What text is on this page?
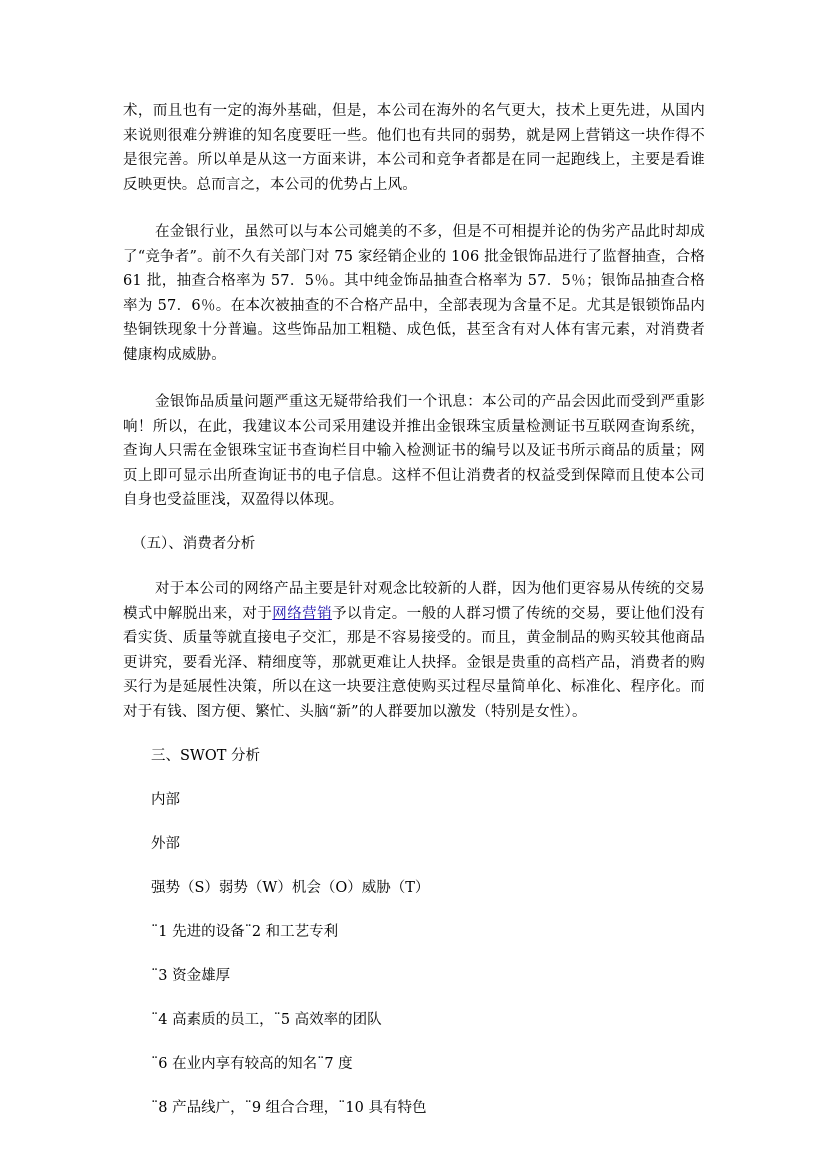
术，而且也有一定的海外基础，但是，本公司在海外的名气更大，技术上更先进，从国内来说则很难分辨谁的知名度要旺一些。他们也有共同的弱势，就是网上营销这一块作得不是很完善。所以单是从这一方面来讲，本公司和竞争者都是在同一起跑线上，主要是看谁反映更快。总而言之，本公司的优势占上风。

在金银行业，虽然可以与本公司媲美的不多，但是不可相提并论的伪劣产品此时却成了“竞争者”。前不久有关部门对 75 家经销企业的 106 批金银饰品进行了监督抽查，合格 61 批，抽查合格率为 57．5％。其中纯金饰品抽查合格率为 57．5％；银饰品抽查合格率为 57．6％。在本次被抽查的不合格产品中，全部表现为含量不足。尤其是银锁饰品内垫铜铁现象十分普遍。这些饰品加工粗糙、成色低，甚至含有对人体有害元素，对消费者健康构成威胁。

金银饰品质量问题严重这无疑带给我们一个讯息：本公司的产品会因此而受到严重影响！所以，在此，我建议本公司采用建设并推出金银珠宝质量检测证书互联网查询系统，查询人只需在金银珠宝证书查询栏目中输入检测证书的编号以及证书所示商品的质量；网页上即可显示出所查询证书的电子信息。这样不但让消费者的权益受到保障而且使本公司自身也受益匪浅，双盈得以体现。

（五）、消费者分析

对于本公司的网络产品主要是针对观念比较新的人群，因为他们更容易从传统的交易模式中解脱出来，对于网络营销予以肯定。一般的人群习惯了传统的交易，要让他们没有看实货、质量等就直接电子交汇，那是不容易接受的。而且，黄金制品的购买较其他商品更讲究，要看光泽、精细度等，那就更难让人抉择。金银是贵重的高档产品，消费者的购买行为是延展性决策，所以在这一块要注意使购买过程尽量简单化、标准化、程序化。而对于有钱、图方便、繁忙、头脑“新”的人群要加以激发（特别是女性）。

三、SWOT 分析
内部
外部
强势（S）弱势（W）机会（O）威胁（T）
¨1 先进的设备¨2 和工艺专利
¨3 资金雄厚
¨4 高素质的员工，¨5 高效率的团队
¨6 在业内享有较高的知名¨7 度
¨8 产品线广，¨9 组合合理，¨10 具有特色
